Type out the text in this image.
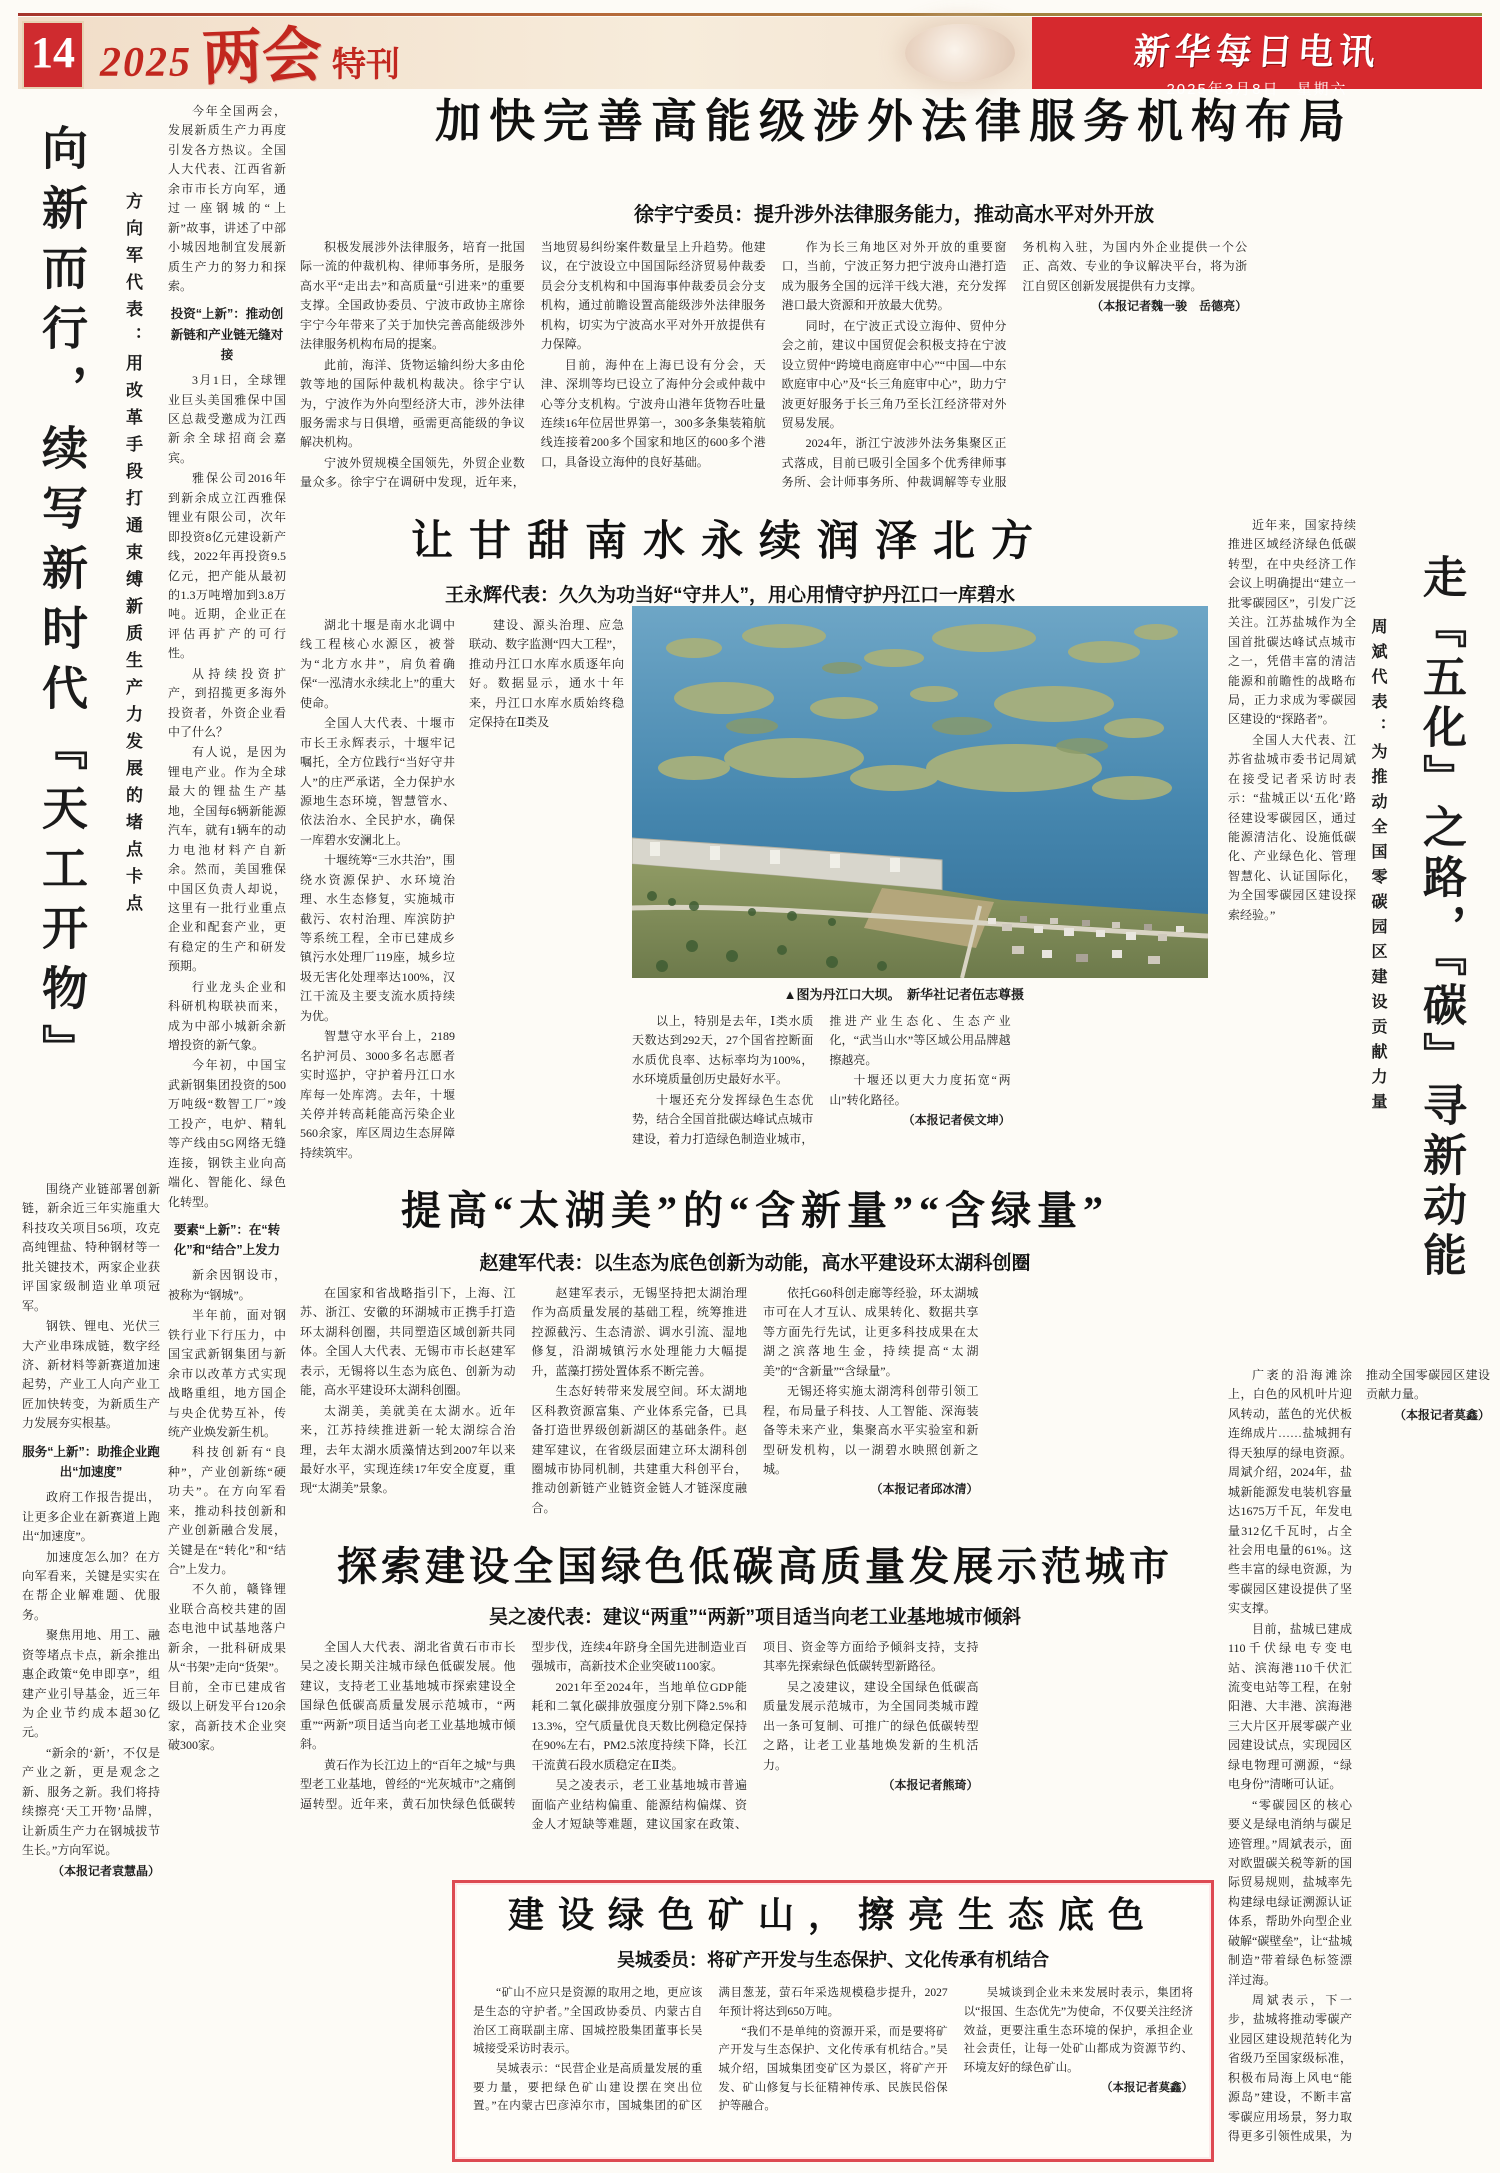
14 2025 两会 特刊	新华每日电讯
2025年3月8日　星期六
向新而行，续写新时代『天工开物』	方向军代表：用改革手段打通束缚新质生产力发展的堵点卡点

今年全国两会，发展新质生产力再度引发各方热议。全国人大代表、江西省新余市市长方向军，通过一座钢城的“上新”故事，讲述了中部小城因地制宜发展新质生产力的努力和探索。

投资“上新”：推动创新链和产业链无缝对接

3月1日，全球锂业巨头美国雅保中国区总裁受邀成为江西新余全球招商会嘉宾。

雅保公司2016年到新余成立江西雅保锂业有限公司，次年即投资8亿元建设新产线，2022年再投资9.5亿元，把产能从最初的1.3万吨增加到3.8万吨。近期，企业正在评估再扩产的可行性。

从持续投资扩产，到招揽更多海外投资者，外资企业看中了什么？

有人说，是因为锂电产业。作为全球最大的锂盐生产基地，全国每6辆新能源汽车，就有1辆车的动力电池材料产自新余。然而，美国雅保中国区负责人却说，这里有一批行业重点企业和配套产业，更有稳定的生产和研发预期。

行业龙头企业和科研机构联袂而来，成为中部小城新余新增投资的新气象。

今年初，中国宝武新钢集团投资的500万吨级“数智工厂”竣工投产，电炉、精轧等产线由5G网络无缝连接，钢铁主业向高端化、智能化、绿色化转型。

要素“上新”：在“转化”和“结合”上发力

新余因钢设市，被称为“钢城”。

半年前，面对钢铁行业下行压力，中国宝武新钢集团与新余市以改革方式实现战略重组，地方国企与央企优势互补，传统产业焕发新生机。

科技创新有“良种”，产业创新练“硬功夫”。在方向军看来，推动科技创新和产业创新融合发展，关键是在“转化”和“结合”上发力。

不久前，赣锋锂业联合高校共建的固态电池中试基地落户新余，一批科研成果从“书架”走向“货架”。目前，全市已建成省级以上研发平台120余家，高新技术企业突破300家。

围绕产业链部署创新链，新余近三年实施重大科技攻关项目56项，攻克高纯锂盐、特种钢材等一批关键技术，两家企业获评国家级制造业单项冠军。

钢铁、锂电、光伏三大产业串珠成链，数字经济、新材料等新赛道加速起势，产业工人向产业工匠加快转变，为新质生产力发展夯实根基。

服务“上新”：助推企业跑出“加速度”

政府工作报告提出，让更多企业在新赛道上跑出“加速度”。

加速度怎么加？在方向军看来，关键是实实在在帮企业解难题、优服务。

聚焦用地、用工、融资等堵点卡点，新余推出惠企政策“免申即享”，组建产业引导基金，近三年为企业节约成本超30亿元。

“新余的‘新’，不仅是产业之新，更是观念之新、服务之新。我们将持续擦亮‘天工开物’品牌，让新质生产力在钢城拔节生长。”方向军说。

（本报记者袁慧晶）

加快完善高能级涉外法律服务机构布局
徐宇宁委员：提升涉外法律服务能力，推动高水平对外开放

积极发展涉外法律服务，培育一批国际一流的仲裁机构、律师事务所，是服务高水平“走出去”和高质量“引进来”的重要支撑。全国政协委员、宁波市政协主席徐宇宁今年带来了关于加快完善高能级涉外法律服务机构布局的提案。

此前，海洋、货物运输纠纷大多由伦敦等地的国际仲裁机构裁决。徐宇宁认为，宁波作为外向型经济大市，涉外法律服务需求与日俱增，亟需更高能级的争议解决机构。

宁波外贸规模全国领先，外贸企业数量众多。徐宇宁在调研中发现，近年来，当地贸易纠纷案件数量呈上升趋势。他建议，在宁波设立中国国际经济贸易仲裁委员会分支机构和中国海事仲裁委员会分支机构，通过前瞻设置高能级涉外法律服务机构，切实为宁波高水平对外开放提供有力保障。

目前，海仲在上海已设有分会，天津、深圳等均已设立了海仲分会或仲裁中心等分支机构。宁波舟山港年货物吞吐量连续16年位居世界第一，300多条集装箱航线连接着200多个国家和地区的600多个港口，具备设立海仲的良好基础。

作为长三角地区对外开放的重要窗口，当前，宁波正努力把宁波舟山港打造成为服务全国的远洋干线大港，充分发挥港口最大资源和开放最大优势。

同时，在宁波正式设立海仲、贸仲分会之前，建议中国贸促会积极支持在宁波设立贸仲“跨境电商庭审中心”“中国—中东欧庭审中心”及“长三角庭审中心”，助力宁波更好服务于长三角乃至长江经济带对外贸易发展。

2024年，浙江宁波涉外法务集聚区正式落成，目前已吸引全国多个优秀律师事务所、会计师事务所、仲裁调解等专业服务机构入驻，为国内外企业提供一个公正、高效、专业的争议解决平台，将为浙江自贸区创新发展提供有力支撑。

（本报记者魏一骏　岳德亮）

让甘甜南水永续润泽北方
王永辉代表：久久为功当好“守井人”，用心用情守护丹江口一库碧水

湖北十堰是南水北调中线工程核心水源区，被誉为“北方水井”，肩负着确保“一泓清水永续北上”的重大使命。

全国人大代表、十堰市市长王永辉表示，十堰牢记嘱托，全方位践行“当好守井人”的庄严承诺，全力保护水源地生态环境，智慧管水、依法治水、全民护水，确保一库碧水安澜北上。

十堰统筹“三水共治”，围绕水资源保护、水环境治理、水生态修复，实施城市截污、农村治理、库滨防护等系统工程，全市已建成乡镇污水处理厂119座，城乡垃圾无害化处理率达100%，汉江干流及主要支流水质持续为优。

智慧守水平台上，2189名护河员、3000多名志愿者实时巡护，守护着丹江口水库每一处库湾。去年，十堰关停并转高耗能高污染企业560余家，库区周边生态屏障持续筑牢。

建设、源头治理、应急联动、数字监测“四大工程”，推动丹江口水库水质逐年向好。数据显示，通水十年来，丹江口水库水质始终稳定保持在Ⅱ类及

▲图为丹江口大坝。　新华社记者伍志尊摄

以上，特别是去年，Ⅰ类水质天数达到292天，27个国省控断面水质优良率、达标率均为100%，水环境质量创历史最好水平。

十堰还充分发挥绿色生态优势，结合全国首批碳达峰试点城市建设，着力打造绿色制造业城市，推进产业生态化、生态产业化，“武当山水”等区域公用品牌越擦越亮。

十堰还以更大力度拓宽“两山”转化路径。

（本报记者侯文坤）

提高“太湖美”的“含新量”“含绿量”
赵建军代表：以生态为底色创新为动能，高水平建设环太湖科创圈

在国家和省战略指引下，上海、江苏、浙江、安徽的环湖城市正携手打造环太湖科创圈，共同塑造区域创新共同体。全国人大代表、无锡市市长赵建军表示，无锡将以生态为底色、创新为动能，高水平建设环太湖科创圈。

太湖美，美就美在太湖水。近年来，江苏持续推进新一轮太湖综合治理，去年太湖水质藻情达到2007年以来最好水平，实现连续17年安全度夏，重现“太湖美”景象。

赵建军表示，无锡坚持把太湖治理作为高质量发展的基础工程，统筹推进控源截污、生态清淤、调水引流、湿地修复，沿湖城镇污水处理能力大幅提升，蓝藻打捞处置体系不断完善。

生态好转带来发展空间。环太湖地区科教资源富集、产业体系完备，已具备打造世界级创新湖区的基础条件。赵建军建议，在省级层面建立环太湖科创圈城市协同机制，共建重大科创平台，推动创新链产业链资金链人才链深度融合。

依托G60科创走廊等经验，环太湖城市可在人才互认、成果转化、数据共享等方面先行先试，让更多科技成果在太湖之滨落地生金，持续提高“太湖美”的“含新量”“含绿量”。

无锡还将实施太湖湾科创带引领工程，布局量子科技、人工智能、深海装备等未来产业，集聚高水平实验室和新型研发机构，以一湖碧水映照创新之城。

（本报记者邱冰清）

探索建设全国绿色低碳高质量发展示范城市
吴之凌代表：建议“两重”“两新”项目适当向老工业基地城市倾斜

全国人大代表、湖北省黄石市市长吴之凌长期关注城市绿色低碳发展。他建议，支持老工业基地城市探索建设全国绿色低碳高质量发展示范城市，“两重”“两新”项目适当向老工业基地城市倾斜。

黄石作为长江边上的“百年之城”与典型老工业基地，曾经的“光灰城市”之痛倒逼转型。近年来，黄石加快绿色低碳转型步伐，连续4年跻身全国先进制造业百强城市，高新技术企业突破1100家。

2021年至2024年，当地单位GDP能耗和二氧化碳排放强度分别下降2.5%和13.3%，空气质量优良天数比例稳定保持在90%左右，PM2.5浓度持续下降，长江干流黄石段水质稳定在Ⅱ类。

吴之凌表示，老工业基地城市普遍面临产业结构偏重、能源结构偏煤、资金人才短缺等难题，建议国家在政策、项目、资金等方面给予倾斜支持，支持其率先探索绿色低碳转型新路径。

吴之凌建议，建设全国绿色低碳高质量发展示范城市，为全国同类城市蹚出一条可复制、可推广的绿色低碳转型之路，让老工业基地焕发新的生机活力。

（本报记者熊琦）

建设绿色矿山，擦亮生态底色
吴城委员：将矿产开发与生态保护、文化传承有机结合

“矿山不应只是资源的取用之地，更应该是生态的守护者。”全国政协委员、内蒙古自治区工商联副主席、国城控股集团董事长吴城接受采访时表示。

吴城表示：“民营企业是高质量发展的重要力量，要把绿色矿山建设摆在突出位置。”在内蒙古巴彦淖尔市，国城集团的矿区满目葱茏，萤石年采选规模稳步提升，2027年预计将达到650万吨。

“我们不是单纯的资源开采，而是要将矿产开发与生态保护、文化传承有机结合。”吴城介绍，国城集团变矿区为景区，将矿产开发、矿山修复与长征精神传承、民族民俗保护等融合。

吴城谈到企业未来发展时表示，集团将以“报国、生态优先”为使命，不仅要关注经济效益，更要注重生态环境的保护，承担企业社会责任，让每一处矿山都成为资源节约、环境友好的绿色矿山。

（本报记者莫鑫）

近年来，国家持续推进区域经济绿色低碳转型，在中央经济工作会议上明确提出“建立一批零碳园区”，引发广泛关注。江苏盐城作为全国首批碳达峰试点城市之一，凭借丰富的清洁能源和前瞻性的战略布局，正力求成为零碳园区建设的“探路者”。

全国人大代表、江苏省盐城市委书记周斌在接受记者采访时表示：“盐城正以‘五化’路径建设零碳园区，通过能源清洁化、设施低碳化、产业绿色化、管理智慧化、认证国际化，为全国零碳园区建设探索经验。”	周斌代表：为推动全国零碳园区建设贡献力量 走『五化』之路，『碳』寻新动能

广袤的沿海滩涂上，白色的风机叶片迎风转动，蓝色的光伏板连绵成片……盐城拥有得天独厚的绿电资源。周斌介绍，2024年，盐城新能源发电装机容量达1675万千瓦，年发电量312亿千瓦时，占全社会用电量的61%。这些丰富的绿电资源，为零碳园区建设提供了坚实支撑。

目前，盐城已建成110千伏绿电专变电站、滨海港110千伏汇流变电站等工程，在射阳港、大丰港、滨海港三大片区开展零碳产业园建设试点，实现园区绿电物理可溯源，“绿电身份”清晰可认证。

“零碳园区的核心要义是绿电消纳与碳足迹管理。”周斌表示，面对欧盟碳关税等新的国际贸易规则，盐城率先构建绿电绿证溯源认证体系，帮助外向型企业破解“碳壁垒”，让“盐城制造”带着绿色标签漂洋过海。

周斌表示，下一步，盐城将推动零碳产业园区建设规范转化为省级乃至国家级标准，积极布局海上风电“能源岛”建设，不断丰富零碳应用场景，努力取得更多引领性成果，为推动全国零碳园区建设贡献力量。

（本报记者莫鑫）
